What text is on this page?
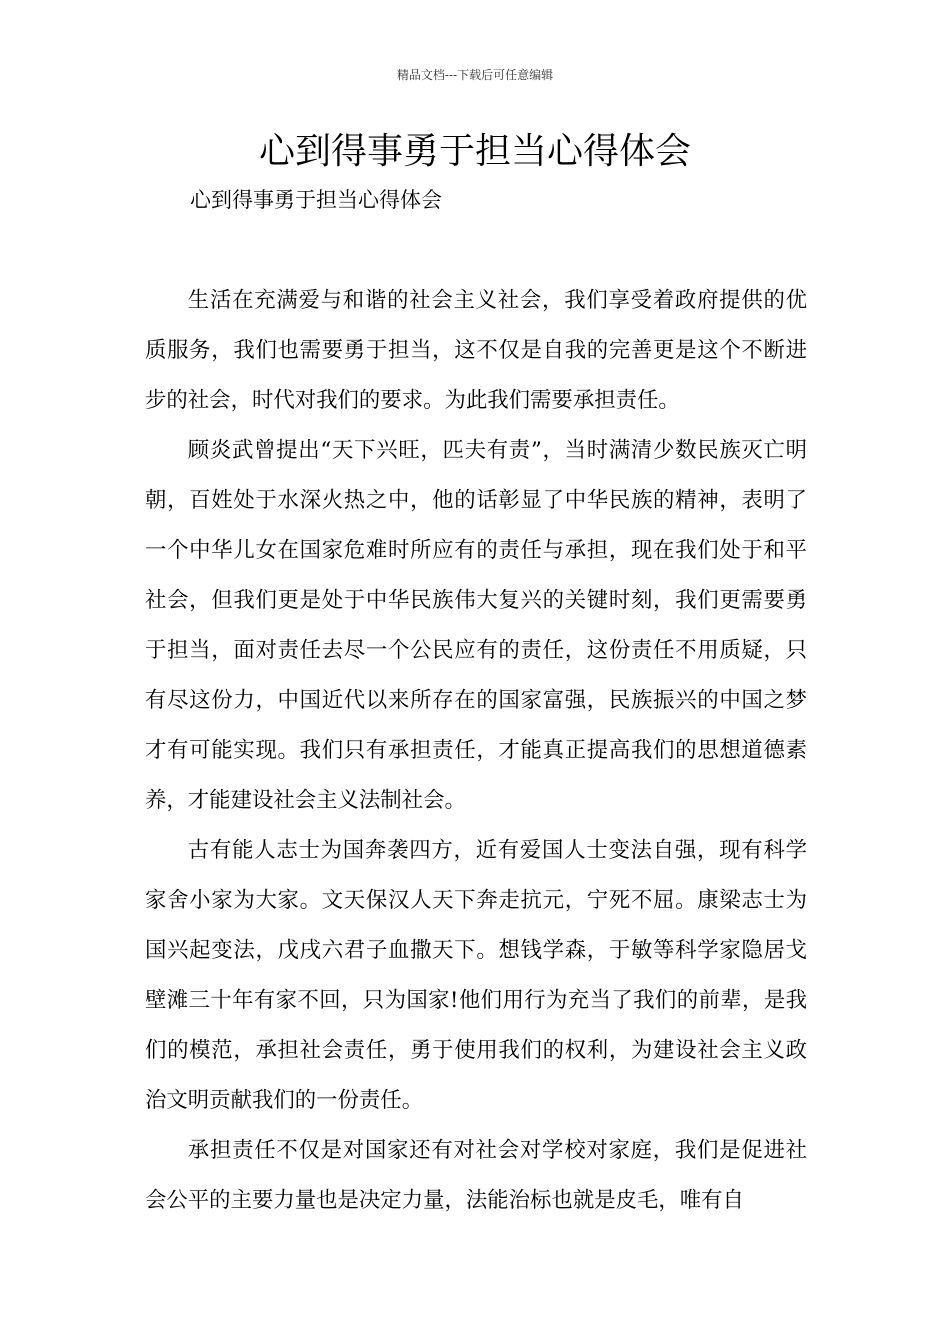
精品文档---下载后可任意编辑
心到得事勇于担当心得体会

心到得事勇于担当心得体会

生活在充满爱与和谐的社会主义社会，我们享受着政府提供的优质服务，我们也需要勇于担当，这不仅是自我的完善更是这个不断进步的社会，时代对我们的要求。为此我们需要承担责任。

顾炎武曾提出“天下兴旺，匹夫有责”，当时满清少数民族灭亡明朝，百姓处于水深火热之中，他的话彰显了中华民族的精神，表明了一个中华儿女在国家危难时所应有的责任与承担，现在我们处于和平社会，但我们更是处于中华民族伟大复兴的关键时刻，我们更需要勇于担当，面对责任去尽一个公民应有的责任，这份责任不用质疑，只有尽这份力，中国近代以来所存在的国家富强，民族振兴的中国之梦才有可能实现。我们只有承担责任，才能真正提高我们的思想道德素养，才能建设社会主义法制社会。

古有能人志士为国奔袭四方，近有爱国人士变法自强，现有科学家舍小家为大家。文天保汉人天下奔走抗元，宁死不屈。康梁志士为国兴起变法，戊戌六君子血撒天下。想钱学森，于敏等科学家隐居戈壁滩三十年有家不回，只为国家!他们用行为充当了我们的前辈，是我们的模范，承担社会责任，勇于使用我们的权利，为建设社会主义政治文明贡献我们的一份责任。

承担责任不仅是对国家还有对社会对学校对家庭，我们是促进社会公平的主要力量也是决定力量，法能治标也就是皮毛，唯有自
